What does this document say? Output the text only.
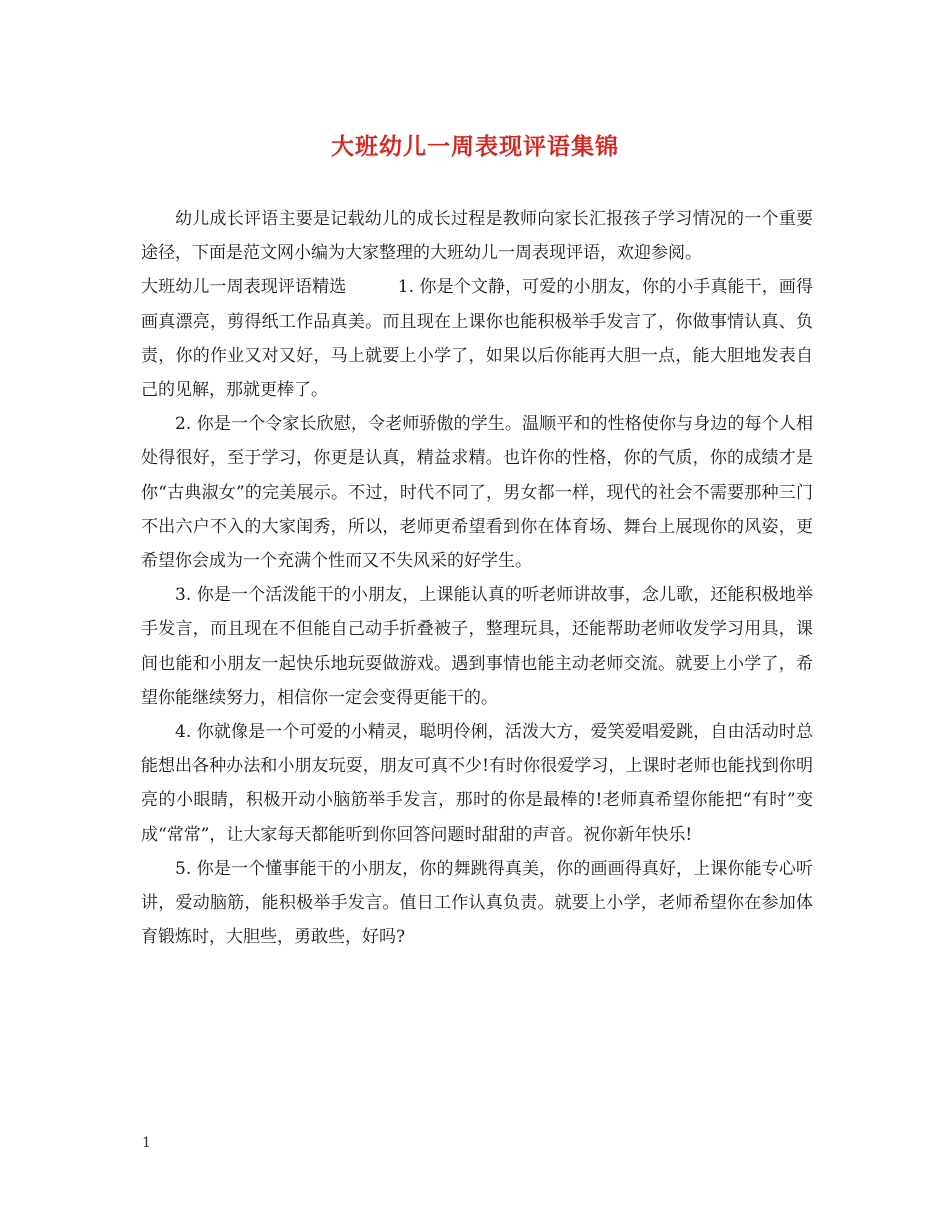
大班幼儿一周表现评语集锦

幼儿成长评语主要是记载幼儿的成长过程是教师向家长汇报孩子学习情况的一个重要途径，下面是范文网小编为大家整理的大班幼儿一周表现评语，欢迎参阅。

大班幼儿一周表现评语精选　　　	1. 你是个文静，可爱的小朋友，你的小手真能干，画得画真漂亮，剪得纸工作品真美。而且现在上课你也能积极举手发言了，你做事情认真、负责，你的作业又对又好，马上就要上小学了，如果以后你能再大胆一点，能大胆地发表自己的见解，那就更棒了。

2. 你是一个令家长欣慰，令老师骄傲的学生。温顺平和的性格使你与身边的每个人相处得很好，至于学习，你更是认真，精益求精。也许你的性格，你的气质，你的成绩才是你“古典淑女”的完美展示。不过，时代不同了，男女都一样，现代的社会不需要那种三门不出六户不入的大家闺秀，所以，老师更希望看到你在体育场、舞台上展现你的风姿，更希望你会成为一个充满个性而又不失风采的好学生。

3. 你是一个活泼能干的小朋友，上课能认真的听老师讲故事，念儿歌，还能积极地举手发言，而且现在不但能自己动手折叠被子，整理玩具，还能帮助老师收发学习用具，课间也能和小朋友一起快乐地玩耍做游戏。遇到事情也能主动老师交流。就要上小学了，希望你能继续努力，相信你一定会变得更能干的。

4. 你就像是一个可爱的小精灵，聪明伶俐，活泼大方，爱笑爱唱爱跳，自由活动时总能想出各种办法和小朋友玩耍，朋友可真不少!有时你很爱学习，上课时老师也能找到你明亮的小眼睛，积极开动小脑筋举手发言，那时的你是最棒的!老师真希望你能把“有时”变成“常常”，让大家每天都能听到你回答问题时甜甜的声音。祝你新年快乐!

5. 你是一个懂事能干的小朋友，你的舞跳得真美，你的画画得真好，上课你能专心听讲，爱动脑筋，能积极举手发言。值日工作认真负责。就要上小学，老师希望你在参加体育锻炼时，大胆些，勇敢些，好吗?

1
